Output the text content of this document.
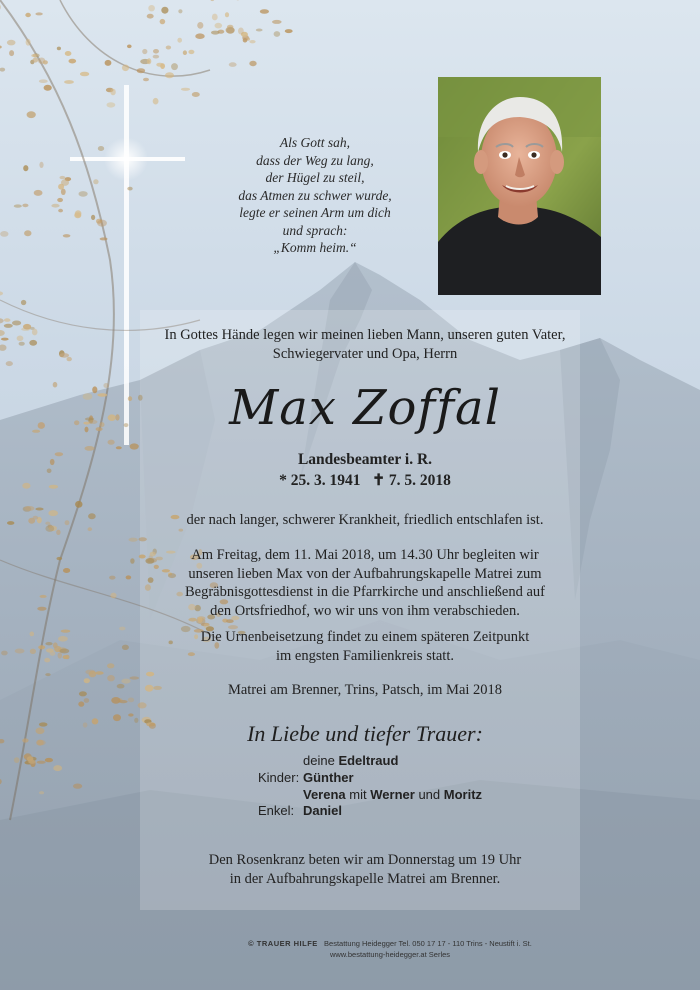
Als Gott sah,
dass der Weg zu lang,
der Hügel zu steil,
das Atmen zu schwer wurde,
legte er seinen Arm um dich
und sprach:
„Komm heim.“
In Gottes Hände legen wir meinen lieben Mann, unseren guten Vater,
Schwiegervater und Opa, Herrn
Max Zoffal
Landesbeamter i. R.
* 25. 3. 1941 ✝ 7. 5. 2018
der nach langer, schwerer Krankheit, friedlich entschlafen ist.
Am Freitag, dem 11. Mai 2018, um 14.30 Uhr begleiten wir
unseren lieben Max von der Aufbahrungskapelle Matrei zum
Begräbnisgottesdienst in die Pfarrkirche und anschließend auf
den Ortsfriedhof, wo wir uns von ihm verabschieden.
Die Urnenbeisetzung findet zu einem späteren Zeitpunkt
im engsten Familienkreis statt.
Matrei am Brenner, Trins, Patsch, im Mai 2018
In Liebe und tiefer Trauer:
deine Edeltraud
Kinder: Günther
Verena mit Werner und Moritz
Enkel: Daniel
Den Rosenkranz beten wir am Donnerstag um 19 Uhr
in der Aufbahrungskapelle Matrei am Brenner.
© TRAUER HILFE Bestattung Heidegger Tel. 050 17 17 - 110 Trins - Neustift i. St.
www.bestattung-heidegger.at Serles
